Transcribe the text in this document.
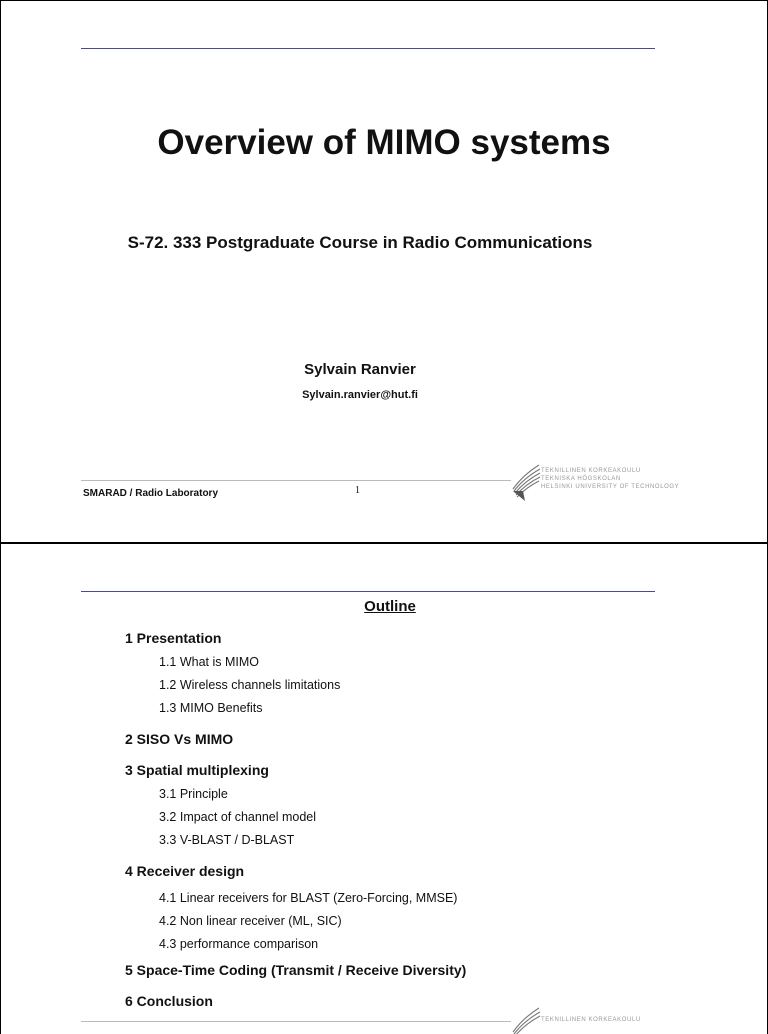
Overview of MIMO systems
S-72. 333 Postgraduate Course in Radio Communications
Sylvain Ranvier
Sylvain.ranvier@hut.fi
SMARAD / Radio Laboratory	1
TEKNILLINEN KORKEAKOULU
TEKNISKA HÖGSKOLAN
HELSINKI UNIVERSITY OF TECHNOLOGY
Outline
1 Presentation
1.1 What is MIMO
1.2 Wireless channels limitations
1.3 MIMO Benefits
2 SISO Vs MIMO
3 Spatial multiplexing
3.1 Principle
3.2 Impact of channel model
3.3 V-BLAST / D-BLAST
4 Receiver design
4.1 Linear receivers for BLAST (Zero-Forcing, MMSE)
4.2 Non linear receiver (ML, SIC)
4.3 performance comparison
5 Space-Time Coding (Transmit / Receive Diversity)
6 Conclusion
TEKNILLINEN KORKEAKOULU
